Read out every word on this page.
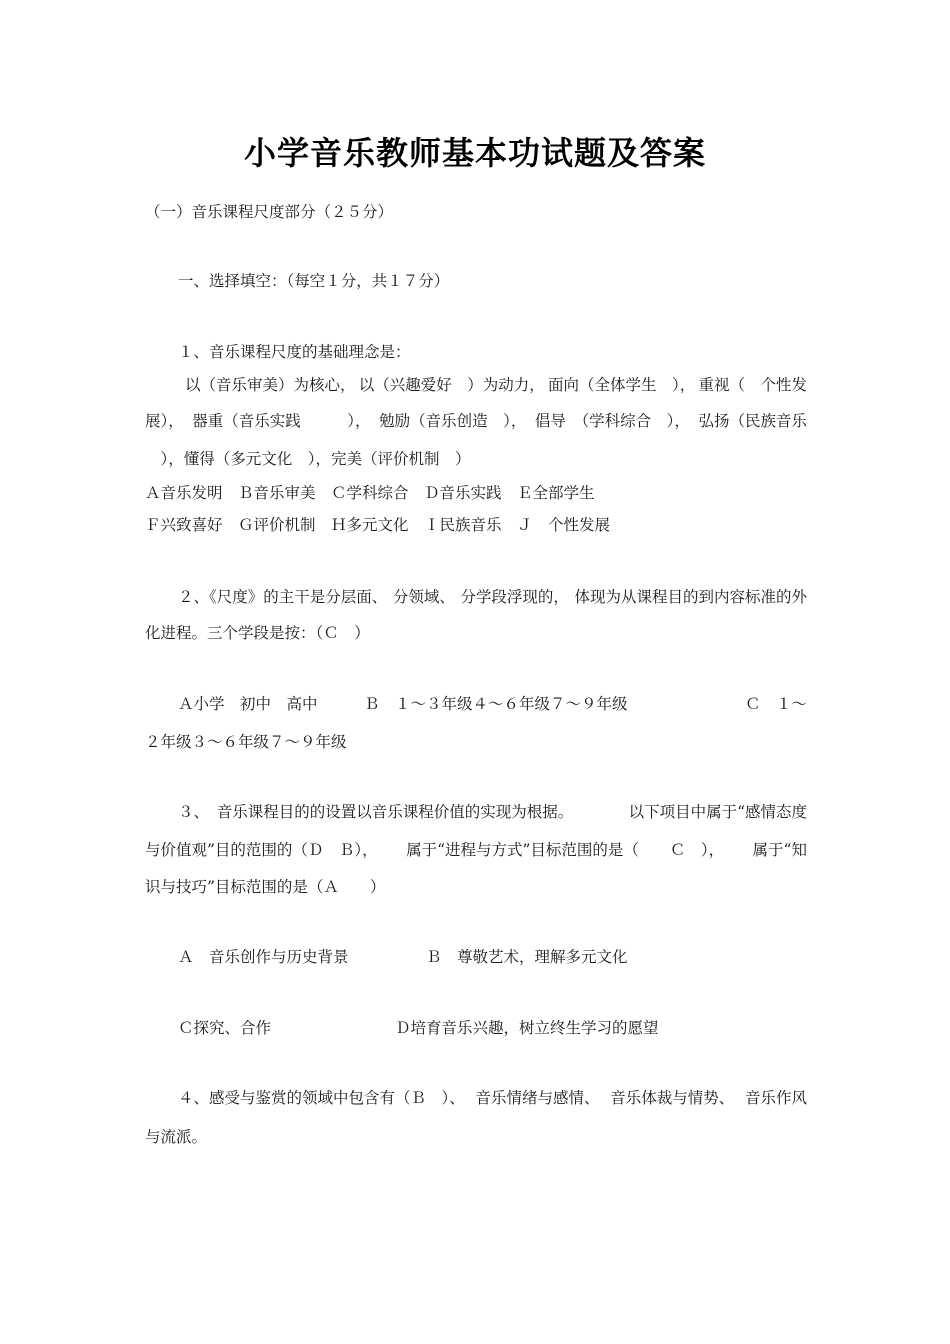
小学音乐教师基本功试题及答案
（一）音乐课程尺度部分（２５分）
一、选择填空：（每空１分，共１７分）
１、音乐课程尺度的基础理念是：
以（音乐审美）为核心， 以（兴趣爱好　）为动力， 面向（全体学生　）， 重视（　个性发
展）， 器重（音乐实践　　　）， 勉励（音乐创造　）， 倡导　（学科综合　）， 弘扬（民族音乐
　），懂得（多元文化　），完美（评价机制　）
Ａ音乐发明　Ｂ音乐审美　Ｃ学科综合　Ｄ音乐实践　Ｅ全部学生
Ｆ兴致喜好　Ｇ评价机制　Ｈ多元文化　Ｉ民族音乐　Ｊ　个性发展
２、《尺度》的主干是分层面、 分领域、 分学段浮现的， 体现为从课程目的到内容标准的外
化进程。三个学段是按：（Ｃ　）
Ａ小学　初中　高中　　　Ｂ　１～３年级４～６年级７～９年级	Ｃ　１～
２年级３～６年级７～９年级
３、　音乐课程目的的设置以音乐课程价值的实现为根据。	以下项目中属于“感情态度
与价值观”目的范围的（Ｄ　Ｂ）， 属于“进程与方式”目标范围的是（　　Ｃ　）， 属于“知
识与技巧”目标范围的是（Ａ　　）
Ａ　音乐创作与历史背景　　　　　Ｂ　尊敬艺术，理解多元文化
Ｃ探究、合作　　　　　　　　Ｄ培育音乐兴趣，树立终生学习的愿望
４、感受与鉴赏的领域中包含有（Ｂ　）、 音乐情绪与感情、 音乐体裁与情势、 音乐作风
与流派。
